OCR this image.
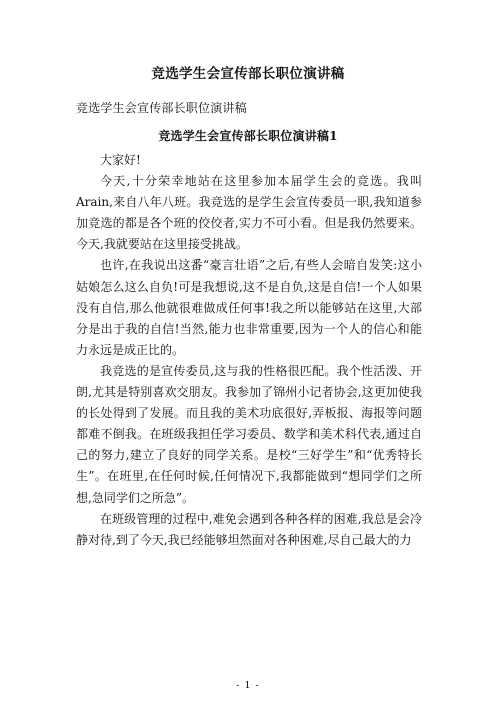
竞选学生会宣传部长职位演讲稿
竞选学生会宣传部长职位演讲稿
竞选学生会宣传部长职位演讲稿1

大家好!

今天,十分荣幸地站在这里参加本届学生会的竞选。我叫Arain,来自八年八班。我竞选的是学生会宣传委员一职,我知道参加竞选的都是各个班的佼佼者,实力不可小看。但是我仍然要来。今天,我就要站在这里接受挑战。

也许,在我说出这番“豪言壮语”之后,有些人会暗自发笑:这小姑娘怎么这么自负!可是我想说,这不是自负,这是自信!一个人如果没有自信,那么他就很难做成任何事!我之所以能够站在这里,大部分是出于我的自信!当然,能力也非常重要,因为一个人的信心和能力永远是成正比的。

我竞选的是宣传委员,这与我的性格很匹配。我个性活泼、开朗,尤其是特别喜欢交朋友。我参加了锦州小记者协会,这更加使我的长处得到了发展。而且我的美术功底很好,弄板报、海报等问题都难不倒我。在班级我担任学习委员、数学和美术科代表,通过自己的努力,建立了良好的同学关系。是校“三好学生”和“优秀特长生”。在班里,在任何时候,任何情况下,我都能做到“想同学们之所想,急同学们之所急”。

在班级管理的过程中,难免会遇到各种各样的困难,我总是会冷静对待,到了今天,我已经能够坦然面对各种困难,尽自己最大的力

- 1 -
